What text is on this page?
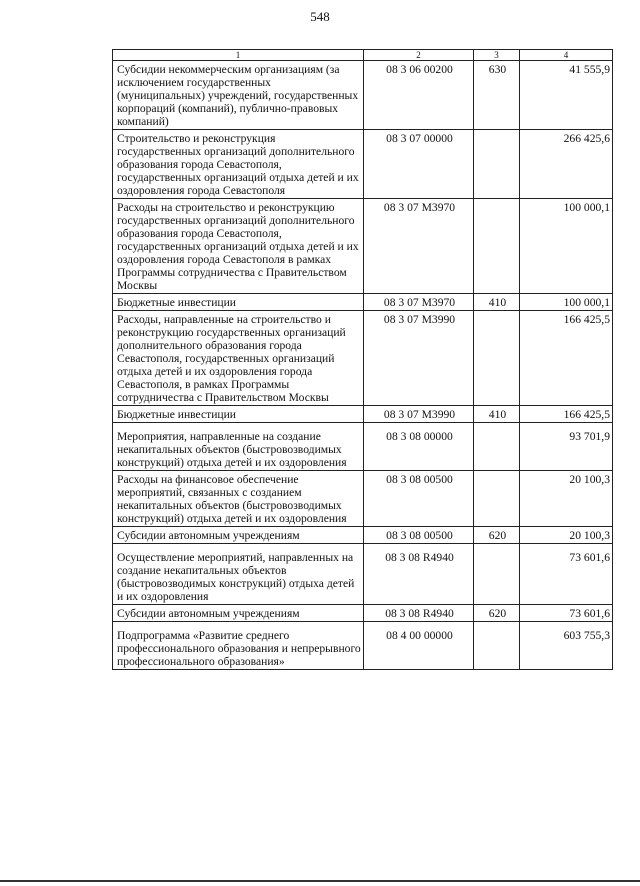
548
1	2	3	4
Субсидии некоммерческим организациям (за исключением государственных (муниципальных) учреждений, государственных корпораций (компаний), публично-правовых компаний)	08 3 06 00200	630	41 555,9
Строительство и реконструкция государственных организаций дополнительного образования города Севастополя, государственных организаций отдыха детей и их оздоровления города Севастополя	08 3 07 00000		266 425,6
Расходы на строительство и реконструкцию государственных организаций дополнительного образования города Севастополя, государственных организаций отдыха детей и их оздоровления города Севастополя в рамках Программы сотрудничества с Правительством Москвы	08 3 07 М3970		100 000,1
Бюджетные инвестиции	08 3 07 М3970	410	100 000,1
Расходы, направленные на строительство и реконструкцию государственных организаций дополнительного образования города Севастополя, государственных организаций отдыха детей и их оздоровления города Севастополя, в рамках Программы сотрудничества с Правительством Москвы	08 3 07 М3990		166 425,5
Бюджетные инвестиции	08 3 07 М3990	410	166 425,5
Мероприятия, направленные на создание некапитальных объектов (быстровозводимых конструкций) отдыха детей и их оздоровления	08 3 08 00000		93 701,9
Расходы на финансовое обеспечение мероприятий, связанных с созданием некапитальных объектов (быстровозводимых конструкций) отдыха детей и их оздоровления	08 3 08 00500		20 100,3
Субсидии автономным учреждениям	08 3 08 00500	620	20 100,3
Осуществление мероприятий, направленных на создание некапитальных объектов (быстровозводимых конструкций) отдыха детей и их оздоровления	08 3 08 R4940		73 601,6
Субсидии автономным учреждениям	08 3 08 R4940	620	73 601,6
Подпрограмма «Развитие среднего профессионального образования и непрерывного профессионального образования»	08 4 00 00000		603 755,3
